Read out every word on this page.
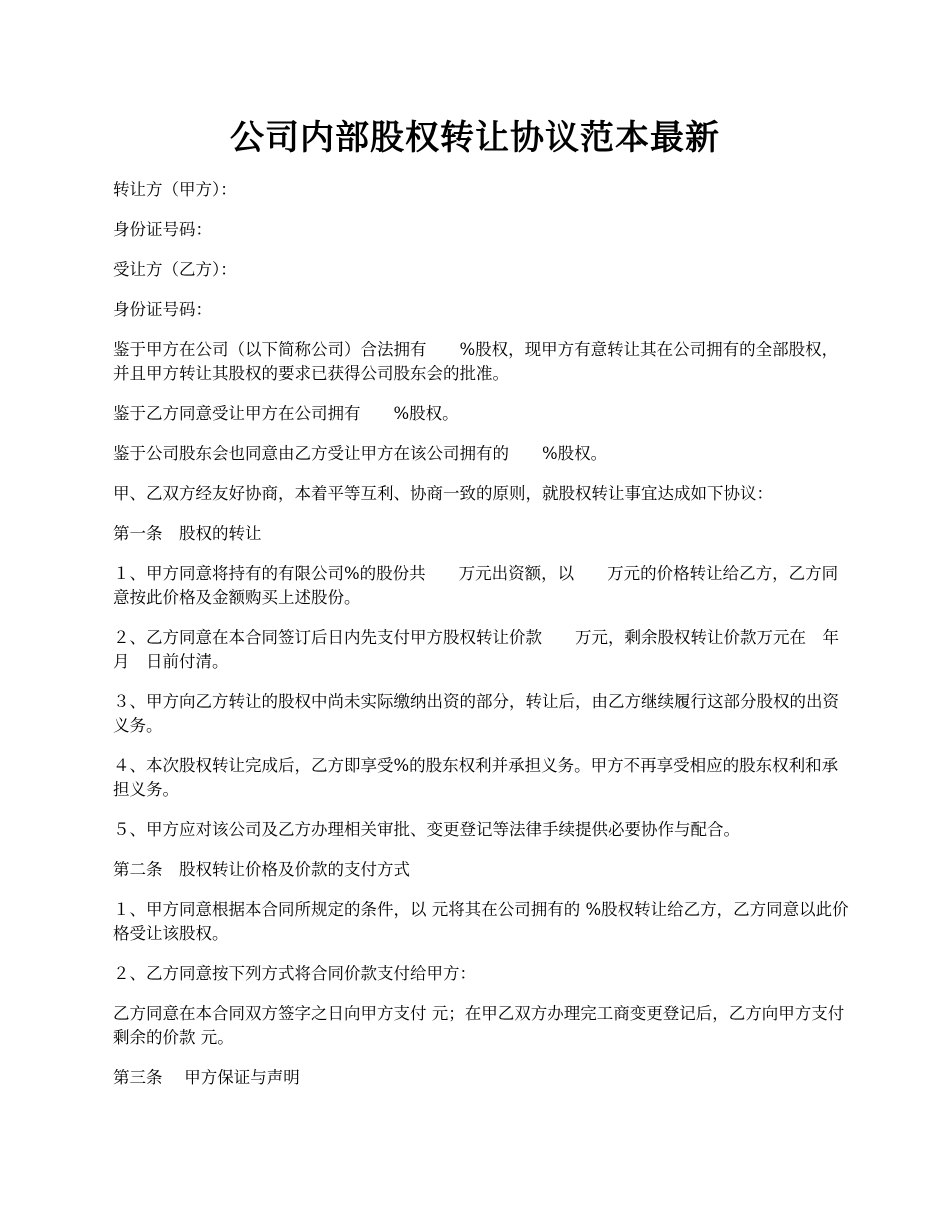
公司内部股权转让协议范本最新

转让方（甲方）：

身份证号码：

受让方（乙方）：

身份证号码：

鉴于甲方在公司（以下简称公司）合法拥有　　%股权，现甲方有意转让其在公司拥有的全部股权，并且甲方转让其股权的要求已获得公司股东会的批准。

鉴于乙方同意受让甲方在公司拥有　　%股权。

鉴于公司股东会也同意由乙方受让甲方在该公司拥有的　　%股权。

甲、乙双方经友好协商，本着平等互利、协商一致的原则，就股权转让事宜达成如下协议：

第一条　股权的转让

１、甲方同意将持有的有限公司%的股份共　　万元出资额，以　　万元的价格转让给乙方，乙方同意按此价格及金额购买上述股份。

２、乙方同意在本合同签订后日内先支付甲方股权转让价款　　万元，剩余股权转让价款万元在　年　月　日前付清。

３、甲方向乙方转让的股权中尚未实际缴纳出资的部分，转让后，由乙方继续履行这部分股权的出资义务。

４、本次股权转让完成后，乙方即享受%的股东权利并承担义务。甲方不再享受相应的股东权利和承担义务。

５、甲方应对该公司及乙方办理相关审批、变更登记等法律手续提供必要协作与配合。

第二条　股权转让价格及价款的支付方式

１、甲方同意根据本合同所规定的条件，以 元将其在公司拥有的 %股权转让给乙方，乙方同意以此价格受让该股权。

２、乙方同意按下列方式将合同价款支付给甲方：

乙方同意在本合同双方签字之日向甲方支付 元；在甲乙双方办理完工商变更登记后，乙方向甲方支付剩余的价款 元。

第三条　 甲方保证与声明
